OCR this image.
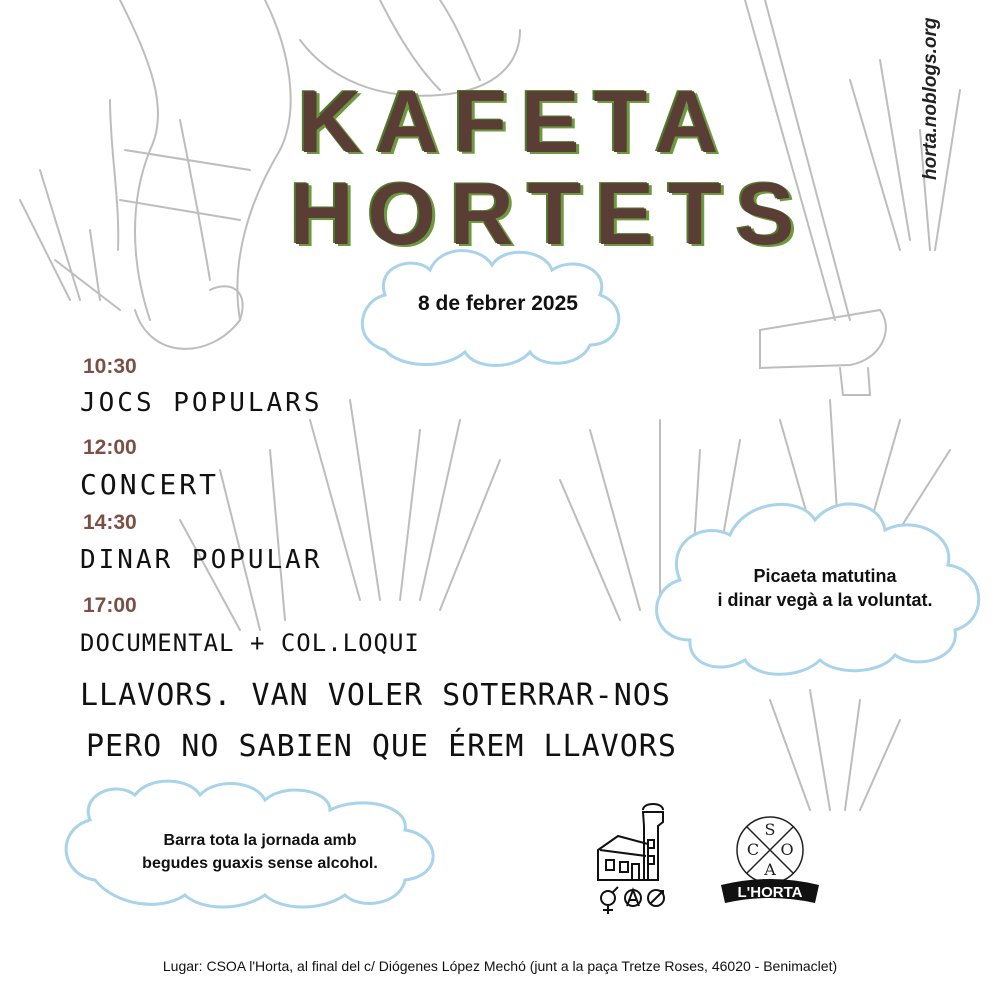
KAFETA
HORTETS
horta.noblogs.org
8 de febrer 2025
10:30
JOCS POPULARS
12:00
CONCERT
14:30
DINAR POPULAR
17:00
DOCUMENTAL + COL.LOQUI
LLAVORS. VAN VOLER SOTERRAR-NOS
PERO NO SABIEN QUE ÉREM LLAVORS
Picaeta matutina
i dinar vegà a la voluntat.
Barra tota la jornada amb
begudes guaxis sense alcohol.
S
C O
A
L'HORTA
Lugar: CSOA l'Horta, al final del c/ Diógenes López Mechó (junt a la paça Tretze Roses, 46020 - Benimaclet)
